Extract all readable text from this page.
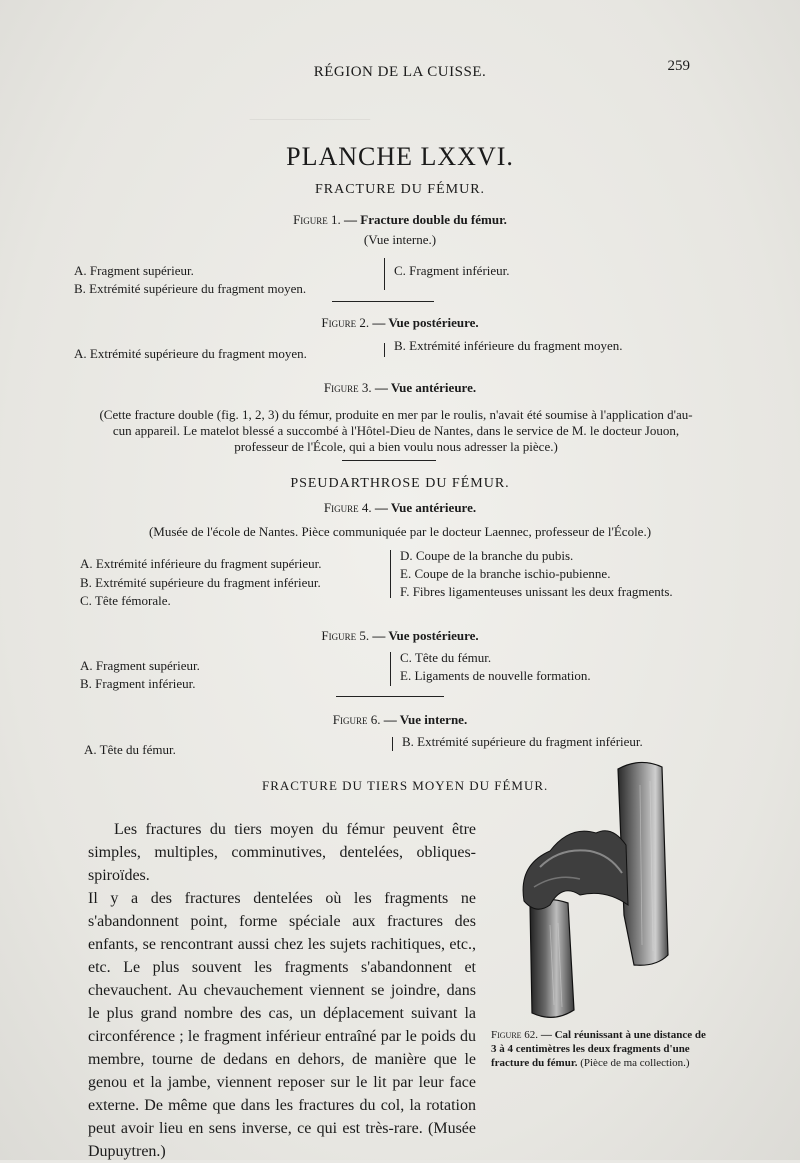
‾‾‾‾‾‾‾‾‾‾‾‾‾‾‾‾‾‾‾‾‾‾‾‾‾‾‾‾‾‾
RÉGION DE LA CUISSE.	259
PLANCHE LXXVI.
FRACTURE DU FÉMUR.
Figure 1. — Fracture double du fémur.
(Vue interne.)
A. Fragment supérieur.
B. Extrémité supérieure du fragment moyen.
C. Fragment inférieur.
Figure 2. — Vue postérieure.
A. Extrémité supérieure du fragment moyen.
B. Extrémité inférieure du fragment moyen.
Figure 3. — Vue antérieure.
(Cette fracture double (fig. 1, 2, 3) du fémur, produite en mer par le roulis, n'avait été soumise à l'application d'au-
cun appareil. Le matelot blessé a succombé à l'Hôtel-Dieu de Nantes, dans le service de M. le docteur Jouon,
professeur de l'École, qui a bien voulu nous adresser la pièce.)
PSEUDARTHROSE DU FÉMUR.
Figure 4. — Vue antérieure.
(Musée de l'école de Nantes. Pièce communiquée par le docteur Laennec, professeur de l'École.)
A. Extrémité inférieure du fragment supérieur.
B. Extrémité supérieure du fragment inférieur.
C. Tête fémorale.
D. Coupe de la branche du pubis.
E. Coupe de la branche ischio-pubienne.
F. Fibres ligamenteuses unissant les deux fragments.
Figure 5. — Vue postérieure.
A. Fragment supérieur.
B. Fragment inférieur.
C. Tête du fémur.
E. Ligaments de nouvelle formation.
Figure 6. — Vue interne.
A. Tête du fémur.
B. Extrémité supérieure du fragment inférieur.
FRACTURE DU TIERS MOYEN DU FÉMUR.

Les fractures du tiers moyen du fémur peuvent être simples, multiples, comminutives, dentelées, obliques-spiroïdes.

Il y a des fractures dentelées où les fragments ne s'abandonnent point, forme spéciale aux fractures des enfants, se rencontrant aussi chez les sujets rachitiques, etc., etc. Le plus souvent les fragments s'abandonnent et chevauchent. Au chevauchement viennent se joindre, dans le plus grand nombre des cas, un déplacement suivant la circonférence ; le fragment inférieur entraîné par le poids du membre, tourne de dedans en dehors, de manière que le genou et la jambe, viennent reposer sur le lit par leur face externe. De même que dans les fractures du col, la rotation peut avoir lieu en sens inverse, ce qui est très-rare. (Musée Dupuytren.)

Figure 62. — Cal réunissant à une distance de 3 à 4 centimètres les deux fragments d'une fracture du fémur. (Pièce de ma collection.)
